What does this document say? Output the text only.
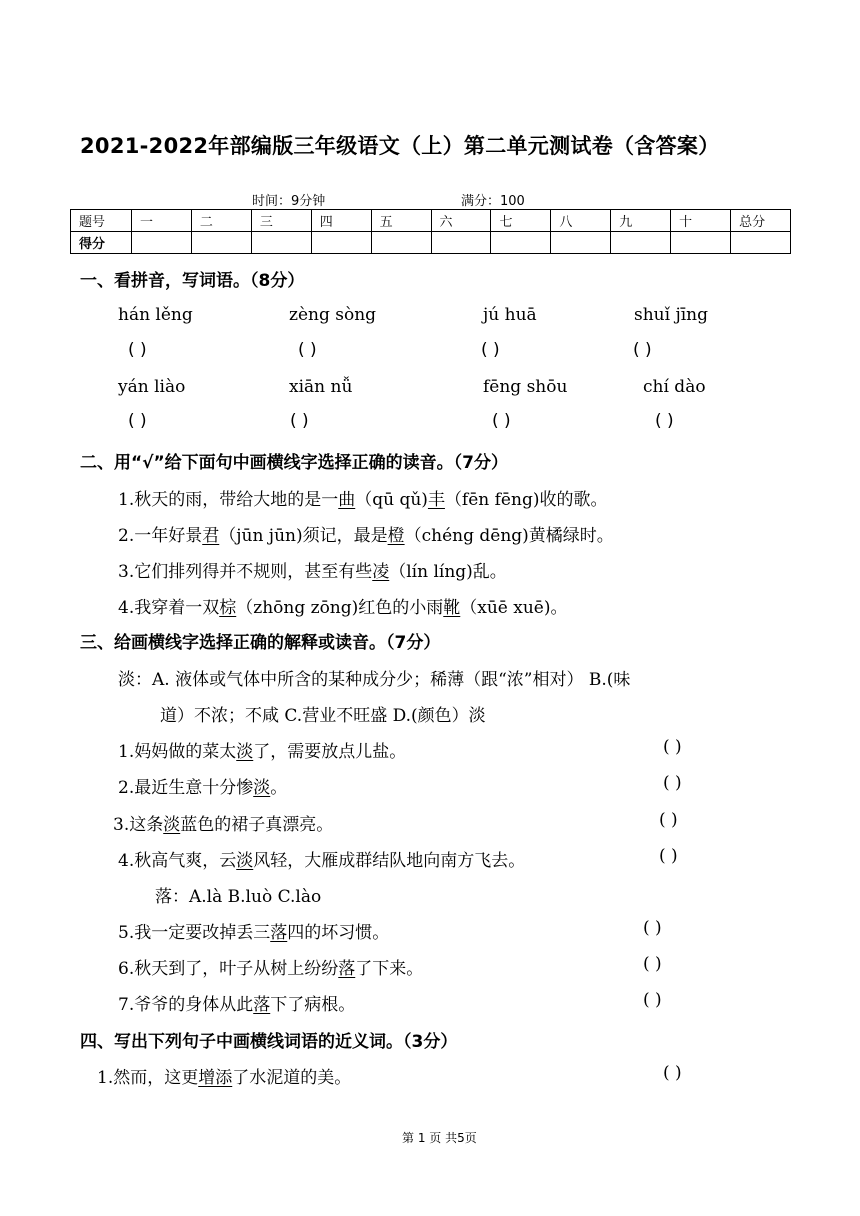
2021-2022年部编版三年级语文（上）第二单元测试卷（含答案）
时间：9分钟	满分：100
题号	一	二	三	四	五	六	七	八	九	十	总分
得分											
一、看拼音，写词语。（8分）
hán lěng	zèng sòng	jú huā	shuǐ jīng
( )	( )	( )	( )
yán liào	xiān nǚ	fēng shōu	chí dào
( )	( )	( )	( )
二、用“√”给下面句中画横线字选择正确的读音。（7分）
1.秋天的雨，带给大地的是一曲（qū qǔ)丰（fēn fēng)收的歌。
2.一年好景君（jūn jūn)须记，最是橙（chéng dēng)黄橘绿时。
3.它们排列得并不规则，甚至有些凌（lín líng)乱。
4.我穿着一双棕（zhōng zōng)红色的小雨靴（xūē xuē)。
三、给画横线字选择正确的解释或读音。（7分）
淡：A. 液体或气体中所含的某种成分少；稀薄（跟“浓”相对） B.(味
道）不浓；不咸 C.营业不旺盛 D.(颜色）淡
1.妈妈做的菜太淡了，需要放点儿盐。	( )
2.最近生意十分惨淡。	( )
3.这条淡蓝色的裙子真漂亮。	( )
4.秋高气爽，云淡风轻，大雁成群结队地向南方飞去。	( )
落：A.là B.luò C.lào
5.我一定要改掉丢三落四的坏习惯。	( )
6.秋天到了，叶子从树上纷纷落了下来。	( )
7.爷爷的身体从此落下了病根。	( )
四、写出下列句子中画横线词语的近义词。（3分）
1.然而，这更增添了水泥道的美。	( )
第 1 页 共5页
